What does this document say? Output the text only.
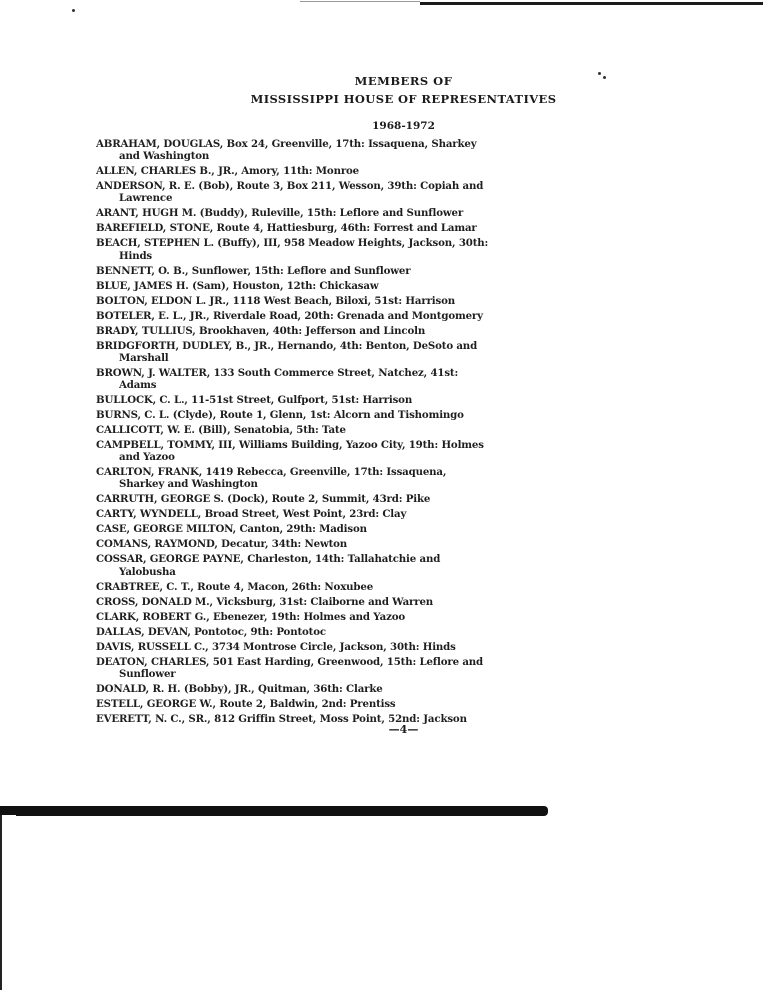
MEMBERS OF
MISSISSIPPI HOUSE OF REPRESENTATIVES
1968-1972
ABRAHAM, DOUGLAS, Box 24, Greenville, 17th: Issaquena, Sharkey and Washington
ALLEN, CHARLES B., JR., Amory, 11th: Monroe
ANDERSON, R. E. (Bob), Route 3, Box 211, Wesson, 39th: Copiah and Lawrence
ARANT, HUGH M. (Buddy), Ruleville, 15th: Leflore and Sunflower
BAREFIELD, STONE, Route 4, Hattiesburg, 46th: Forrest and Lamar
BEACH, STEPHEN L. (Buffy), III, 958 Meadow Heights, Jackson, 30th: Hinds
BENNETT, O. B., Sunflower, 15th: Leflore and Sunflower
BLUE, JAMES H. (Sam), Houston, 12th: Chickasaw
BOLTON, ELDON L. JR., 1118 West Beach, Biloxi, 51st: Harrison
BOTELER, E. L., JR., Riverdale Road, 20th: Grenada and Montgomery
BRADY, TULLIUS, Brookhaven, 40th: Jefferson and Lincoln
BRIDGFORTH, DUDLEY, B., JR., Hernando, 4th: Benton, DeSoto and Marshall
BROWN, J. WALTER, 133 South Commerce Street, Natchez, 41st: Adams
BULLOCK, C. L., 11-51st Street, Gulfport, 51st: Harrison
BURNS, C. L. (Clyde), Route 1, Glenn, 1st: Alcorn and Tishomingo
CALLICOTT, W. E. (Bill), Senatobia, 5th: Tate
CAMPBELL, TOMMY, III, Williams Building, Yazoo City, 19th: Holmes and Yazoo
CARLTON, FRANK, 1419 Rebecca, Greenville, 17th: Issaquena, Sharkey and Washington
CARRUTH, GEORGE S. (Dock), Route 2, Summit, 43rd: Pike
CARTY, WYNDELL, Broad Street, West Point, 23rd: Clay
CASE, GEORGE MILTON, Canton, 29th: Madison
COMANS, RAYMOND, Decatur, 34th: Newton
COSSAR, GEORGE PAYNE, Charleston, 14th: Tallahatchie and Yalobusha
CRABTREE, C. T., Route 4, Macon, 26th: Noxubee
CROSS, DONALD M., Vicksburg, 31st: Claiborne and Warren
CLARK, ROBERT G., Ebenezer, 19th: Holmes and Yazoo
DALLAS, DEVAN, Pontotoc, 9th: Pontotoc
DAVIS, RUSSELL C., 3734 Montrose Circle, Jackson, 30th: Hinds
DEATON, CHARLES, 501 East Harding, Greenwood, 15th: Leflore and Sunflower
DONALD, R. H. (Bobby), JR., Quitman, 36th: Clarke
ESTELL, GEORGE W., Route 2, Baldwin, 2nd: Prentiss
EVERETT, N. C., SR., 812 Griffin Street, Moss Point, 52nd: Jackson
—4—
